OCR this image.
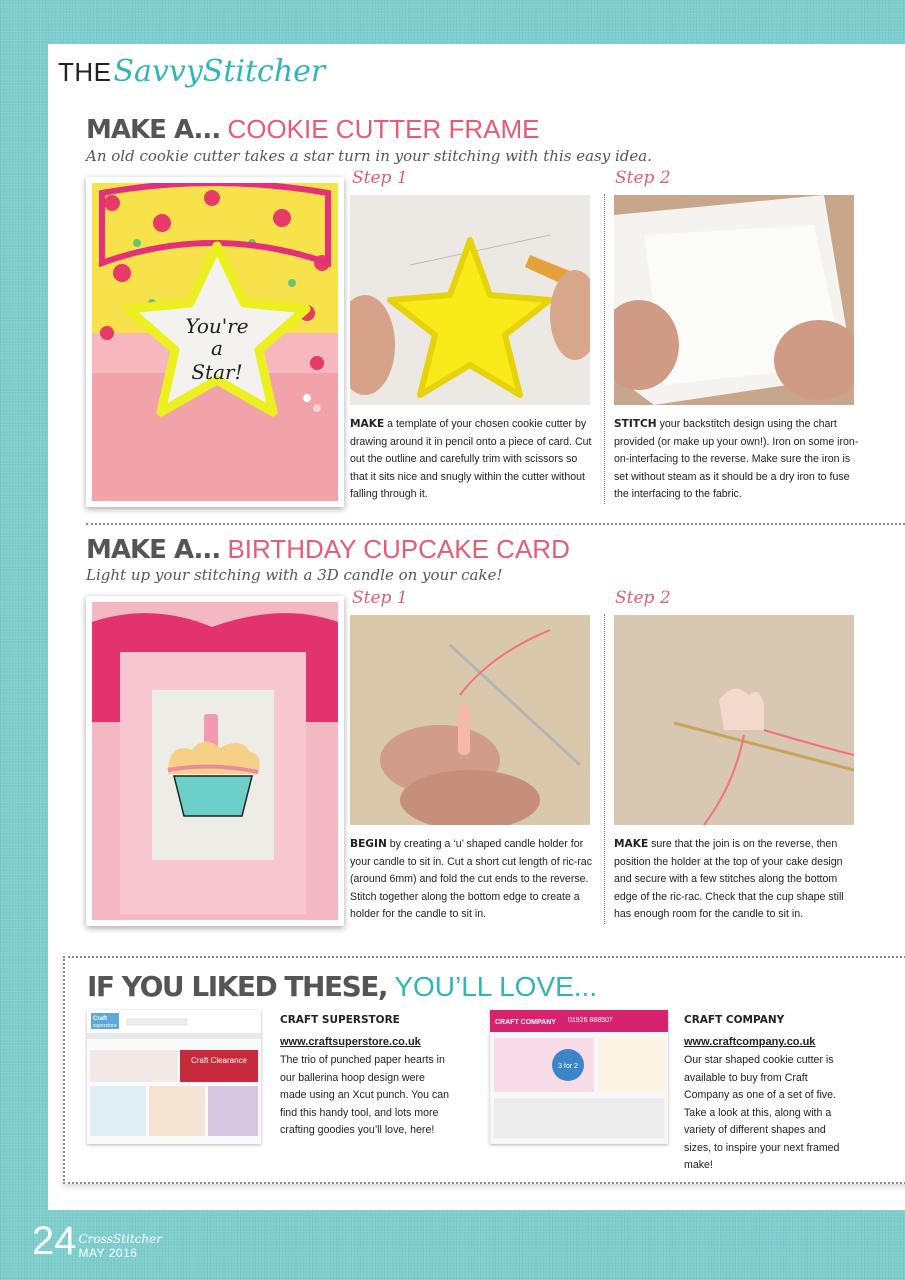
THE SavvyStitcher
MAKE A... COOKIE CUTTER FRAME
An old cookie cutter takes a star turn in your stitching with this easy idea.
You're
a
Star!
Step 1	Step 2
MAKE a template of your chosen cookie cutter by drawing around it in pencil onto a piece of card. Cut out the outline and carefully trim with scissors so that it sits nice and snugly within the cutter without falling through it.
STITCH your backstitch design using the chart provided (or make up your own!). Iron on some iron-on-interfacing to the reverse. Make sure the iron is set without steam as it should be a dry iron to fuse the interfacing to the fabric.
MAKE A... BIRTHDAY CUPCAKE CARD
Light up your stitching with a 3D candle on your cake!
Step 1	Step 2
BEGIN by creating a ‘u’ shaped candle holder for your candle to sit in. Cut a short cut length of ric-rac (around 6mm) and fold the cut ends to the reverse. Stitch together along the bottom edge to create a holder for the candle to sit in.
MAKE sure that the join is on the reverse, then position the holder at the top of your cake design and secure with a few stitches along the bottom edge of the ric-rac. Check that the cup shape still has enough room for the candle to sit in.
IF YOU LIKED THESE, YOU’LL LOVE...
Craft
superstore
Craft Clearance
CRAFT SUPERSTORE
www.craftsuperstore.co.uk
The trio of punched paper hearts in our ballerina hoop design were made using an Xcut punch. You can find this handy tool, and lots more crafting goodies you’ll love, here!
CRAFT COMPANY 01926 888507
3 for 2
CRAFT COMPANY
www.craftcompany.co.uk
Our star shaped cookie cutter is available to buy from Craft Company as one of a set of five. Take a look at this, along with a variety of different shapes and sizes, to inspire your next framed make!
24 CrossStitcher
MAY 2016
